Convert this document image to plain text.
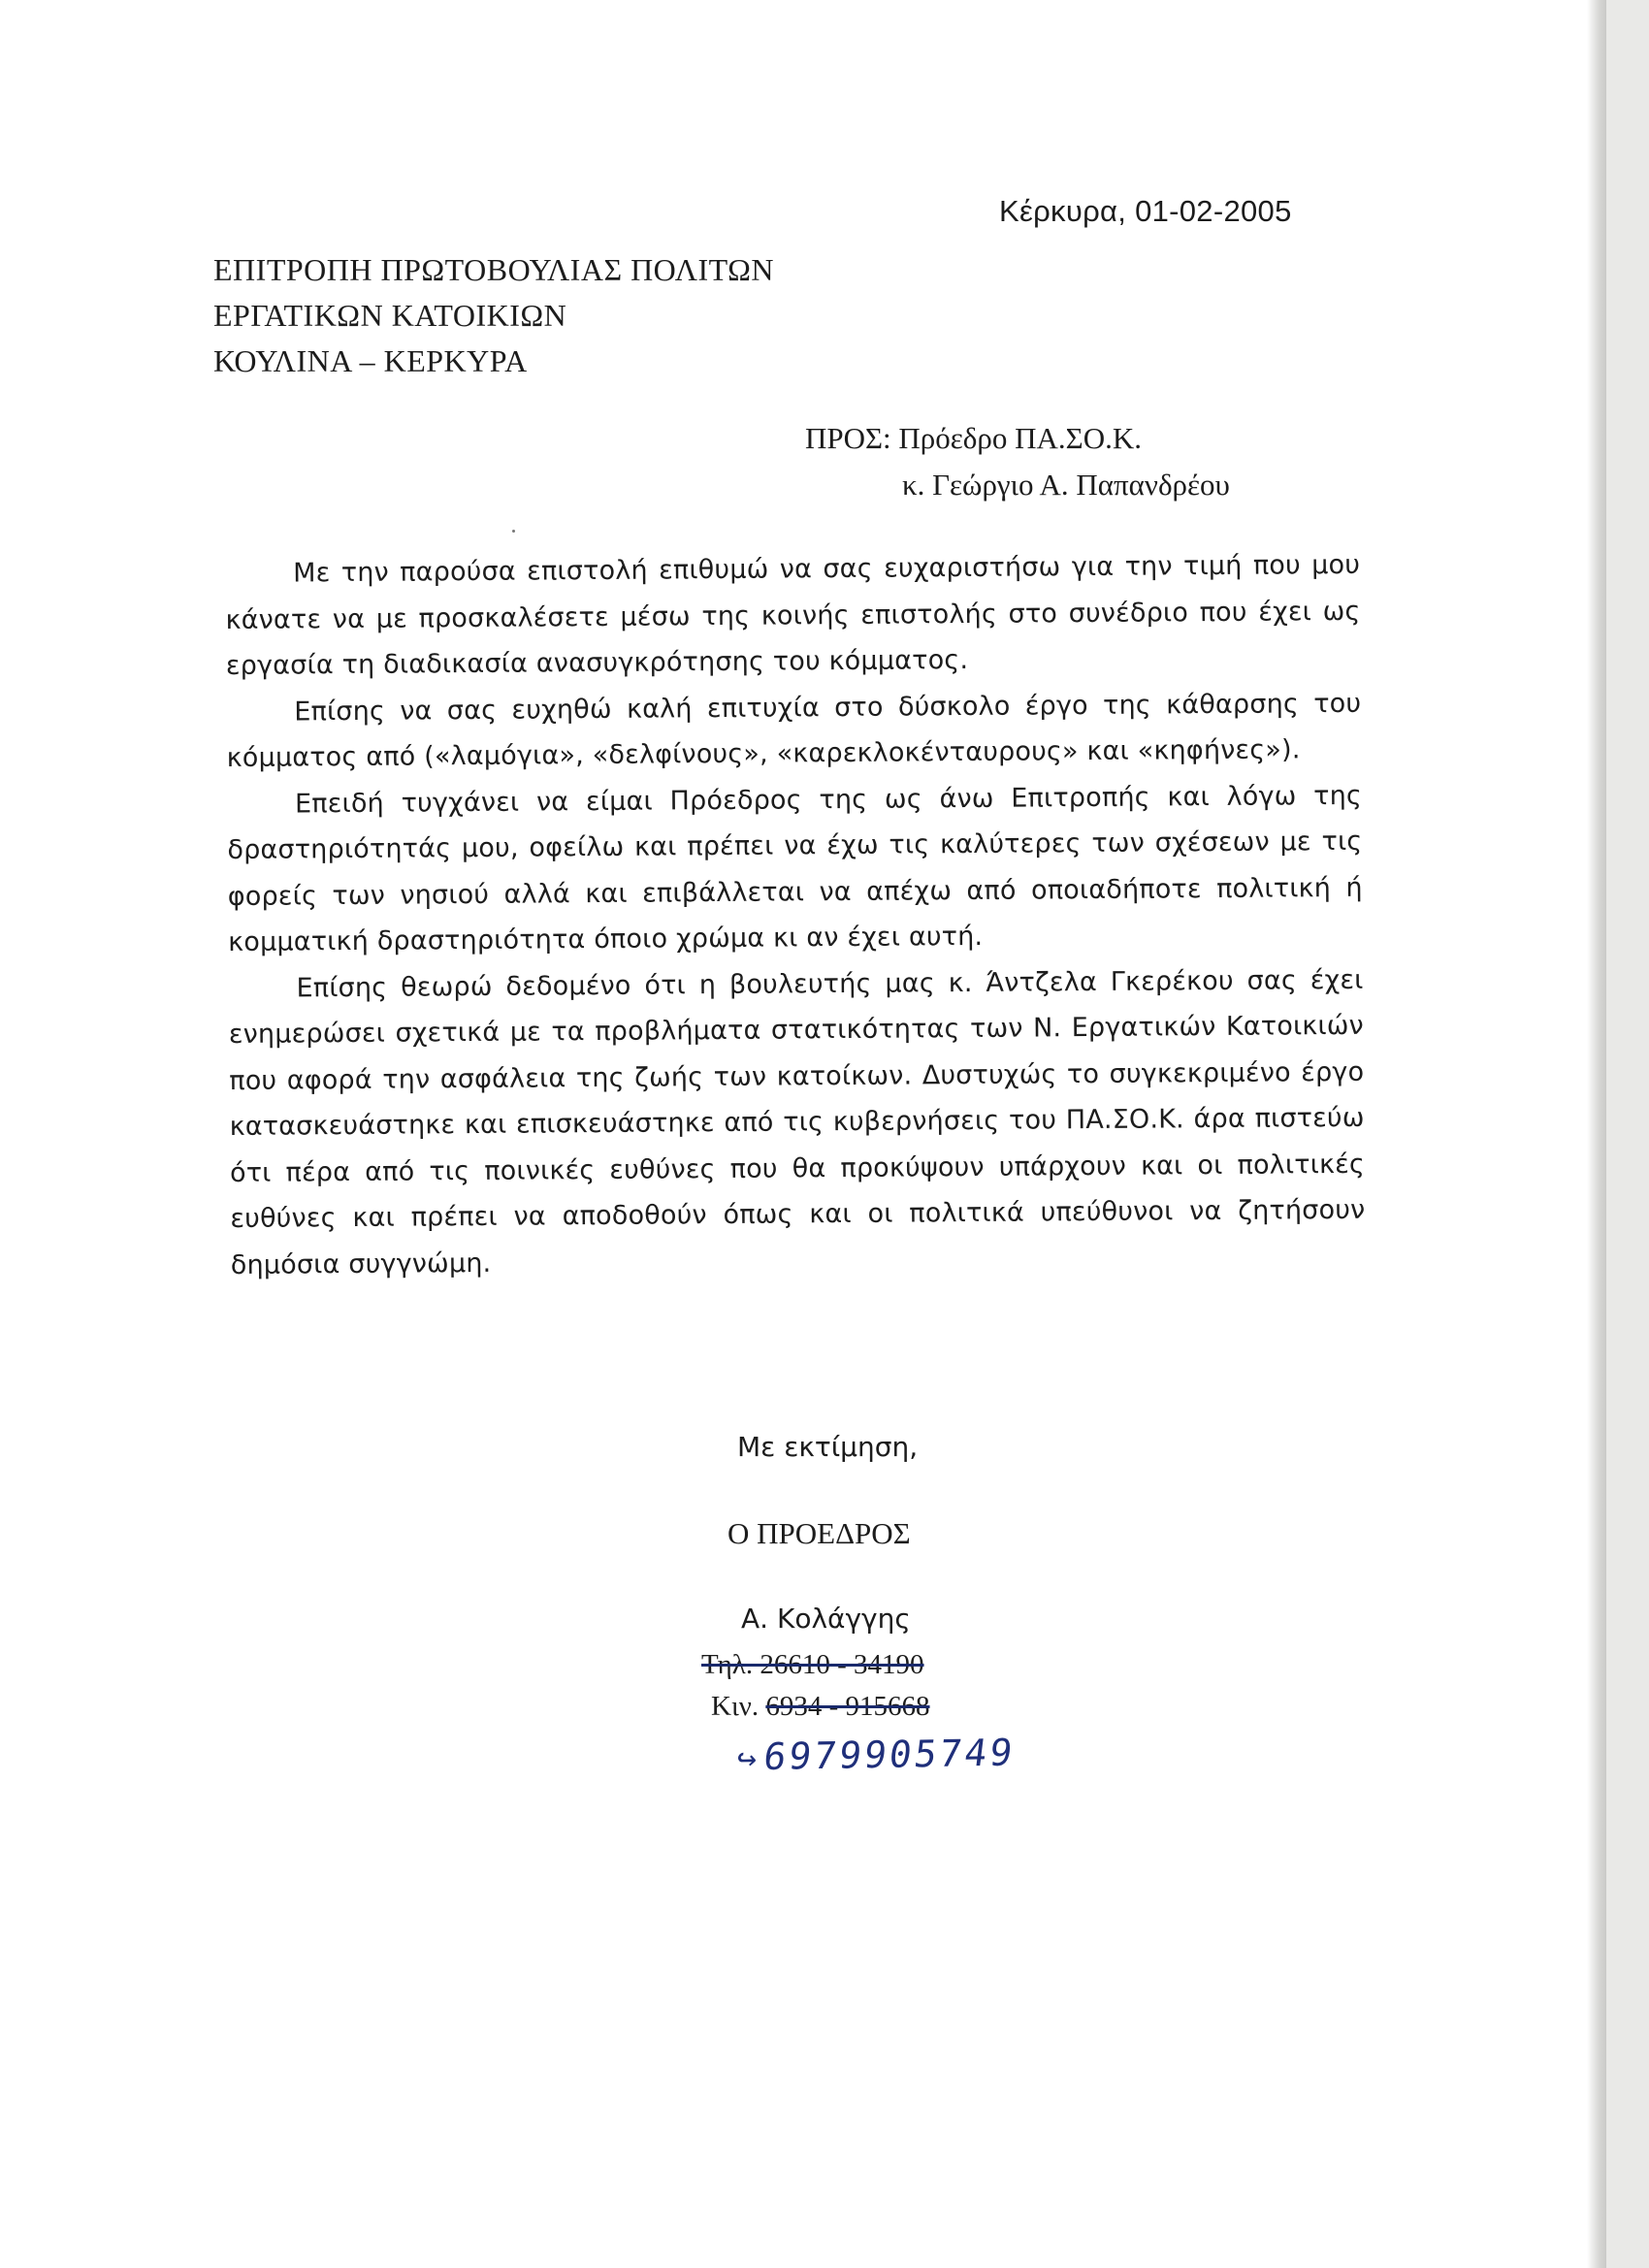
Κέρκυρα, 01-02-2005
ΕΠΙΤΡΟΠΗ ΠΡΩΤΟΒΟΥΛΙΑΣ ΠΟΛΙΤΩΝ
ΕΡΓΑΤΙΚΩΝ ΚΑΤΟΙΚΙΩΝ
ΚΟΥΛΙΝΑ – ΚΕΡΚΥΡΑ
ΠΡΟΣ: Πρόεδρο ΠΑ.ΣΟ.Κ.
κ. Γεώργιο Α. Παπανδρέου

Με την παρούσα επιστολή επιθυμώ να σας ευχαριστήσω για την τιμή που μου κάνατε να με προσκαλέσετε μέσω της κοινής επιστολής στο συνέδριο που έχει ως εργασία τη διαδικασία ανασυγκρότησης του κόμματος.

Επίσης να σας ευχηθώ καλή επιτυχία στο δύσκολο έργο της κάθαρσης του κόμματος από («λαμόγια», «δελφίνους», «καρεκλοκένταυρους» και «κηφήνες»).

Επειδή τυγχάνει να είμαι Πρόεδρος της ως άνω Επιτροπής και λόγω της δραστηριότητάς μου, οφείλω και πρέπει να έχω τις καλύτερες των σχέσεων με τις φορείς των νησιού αλλά και επιβάλλεται να απέχω από οποιαδήποτε πολιτική ή κομματική δραστηριότητα όποιο χρώμα κι αν έχει αυτή.

Επίσης θεωρώ δεδομένο ότι η βουλευτής μας κ. Άντζελα Γκερέκου σας έχει ενημερώσει σχετικά με τα προβλήματα στατικότητας των Ν. Εργατικών Κατοικιών που αφορά την ασφάλεια της ζωής των κατοίκων. Δυστυχώς το συγκεκριμένο έργο κατασκευάστηκε και επισκευάστηκε από τις κυβερνήσεις του ΠΑ.ΣΟ.Κ. άρα πιστεύω ότι πέρα από τις ποινικές ευθύνες που θα προκύψουν υπάρχουν και οι πολιτικές ευθύνες και πρέπει να αποδοθούν όπως και οι πολιτικά υπεύθυνοι να ζητήσουν δημόσια συγγνώμη.

Με εκτίμηση,
Ο ΠΡΟΕΔΡΟΣ
Α. Κολάγγης
Τηλ. 26610 - 34190
Κιν. 6934 - 915668
↪6979905749
